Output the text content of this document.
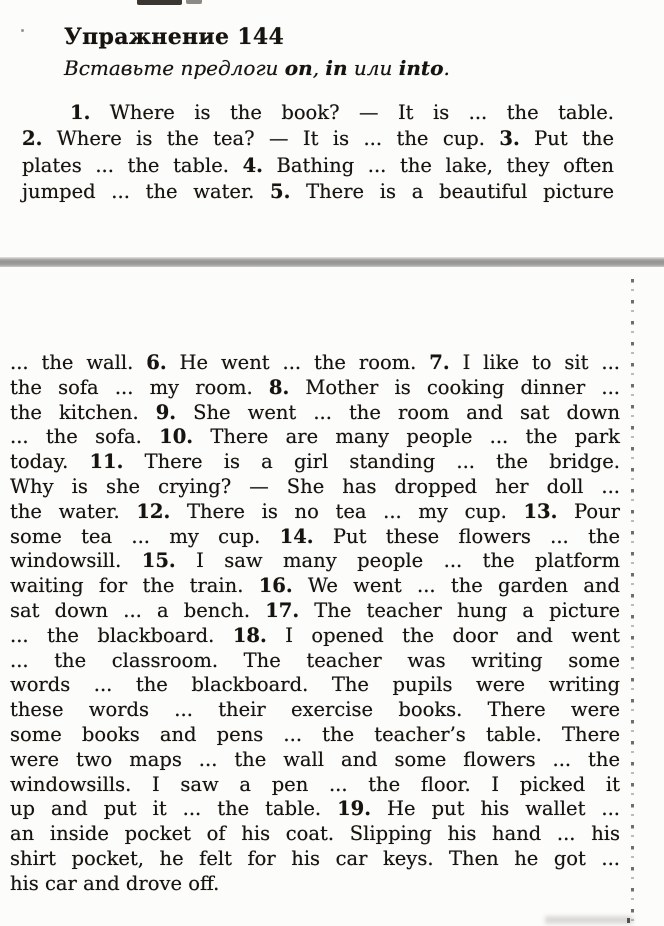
Упражнение 144
Вставьте предлоги on, in или into.
1. Where is the book? — It is ... the table.
2. Where is the tea? — It is ... the cup. 3. Put the
plates ... the table. 4. Bathing ... the lake, they often
jumped ... the water. 5. There is a beautiful picture
... the wall. 6. He went ... the room. 7. I like to sit ...
the sofa ... my room. 8. Mother is cooking dinner ...
the kitchen. 9. She went ... the room and sat down
... the sofa. 10. There are many people ... the park
today. 11. There is a girl standing ... the bridge.
Why is she crying? — She has dropped her doll ...
the water. 12. There is no tea ... my cup. 13. Pour
some tea ... my cup. 14. Put these flowers ... the
windowsill. 15. I saw many people ... the platform
waiting for the train. 16. We went ... the garden and
sat down ... a bench. 17. The teacher hung a picture
... the blackboard. 18. I opened the door and went
... the classroom. The teacher was writing some
words ... the blackboard. The pupils were writing
these words ... their exercise books. There were
some books and pens ... the teacher’s table. There
were two maps ... the wall and some flowers ... the
windowsills. I saw a pen ... the floor. I picked it
up and put it ... the table. 19. He put his wallet ...
an inside pocket of his coat. Slipping his hand ... his
shirt pocket, he felt for his car keys. Then he got ...
his car and drove off.
